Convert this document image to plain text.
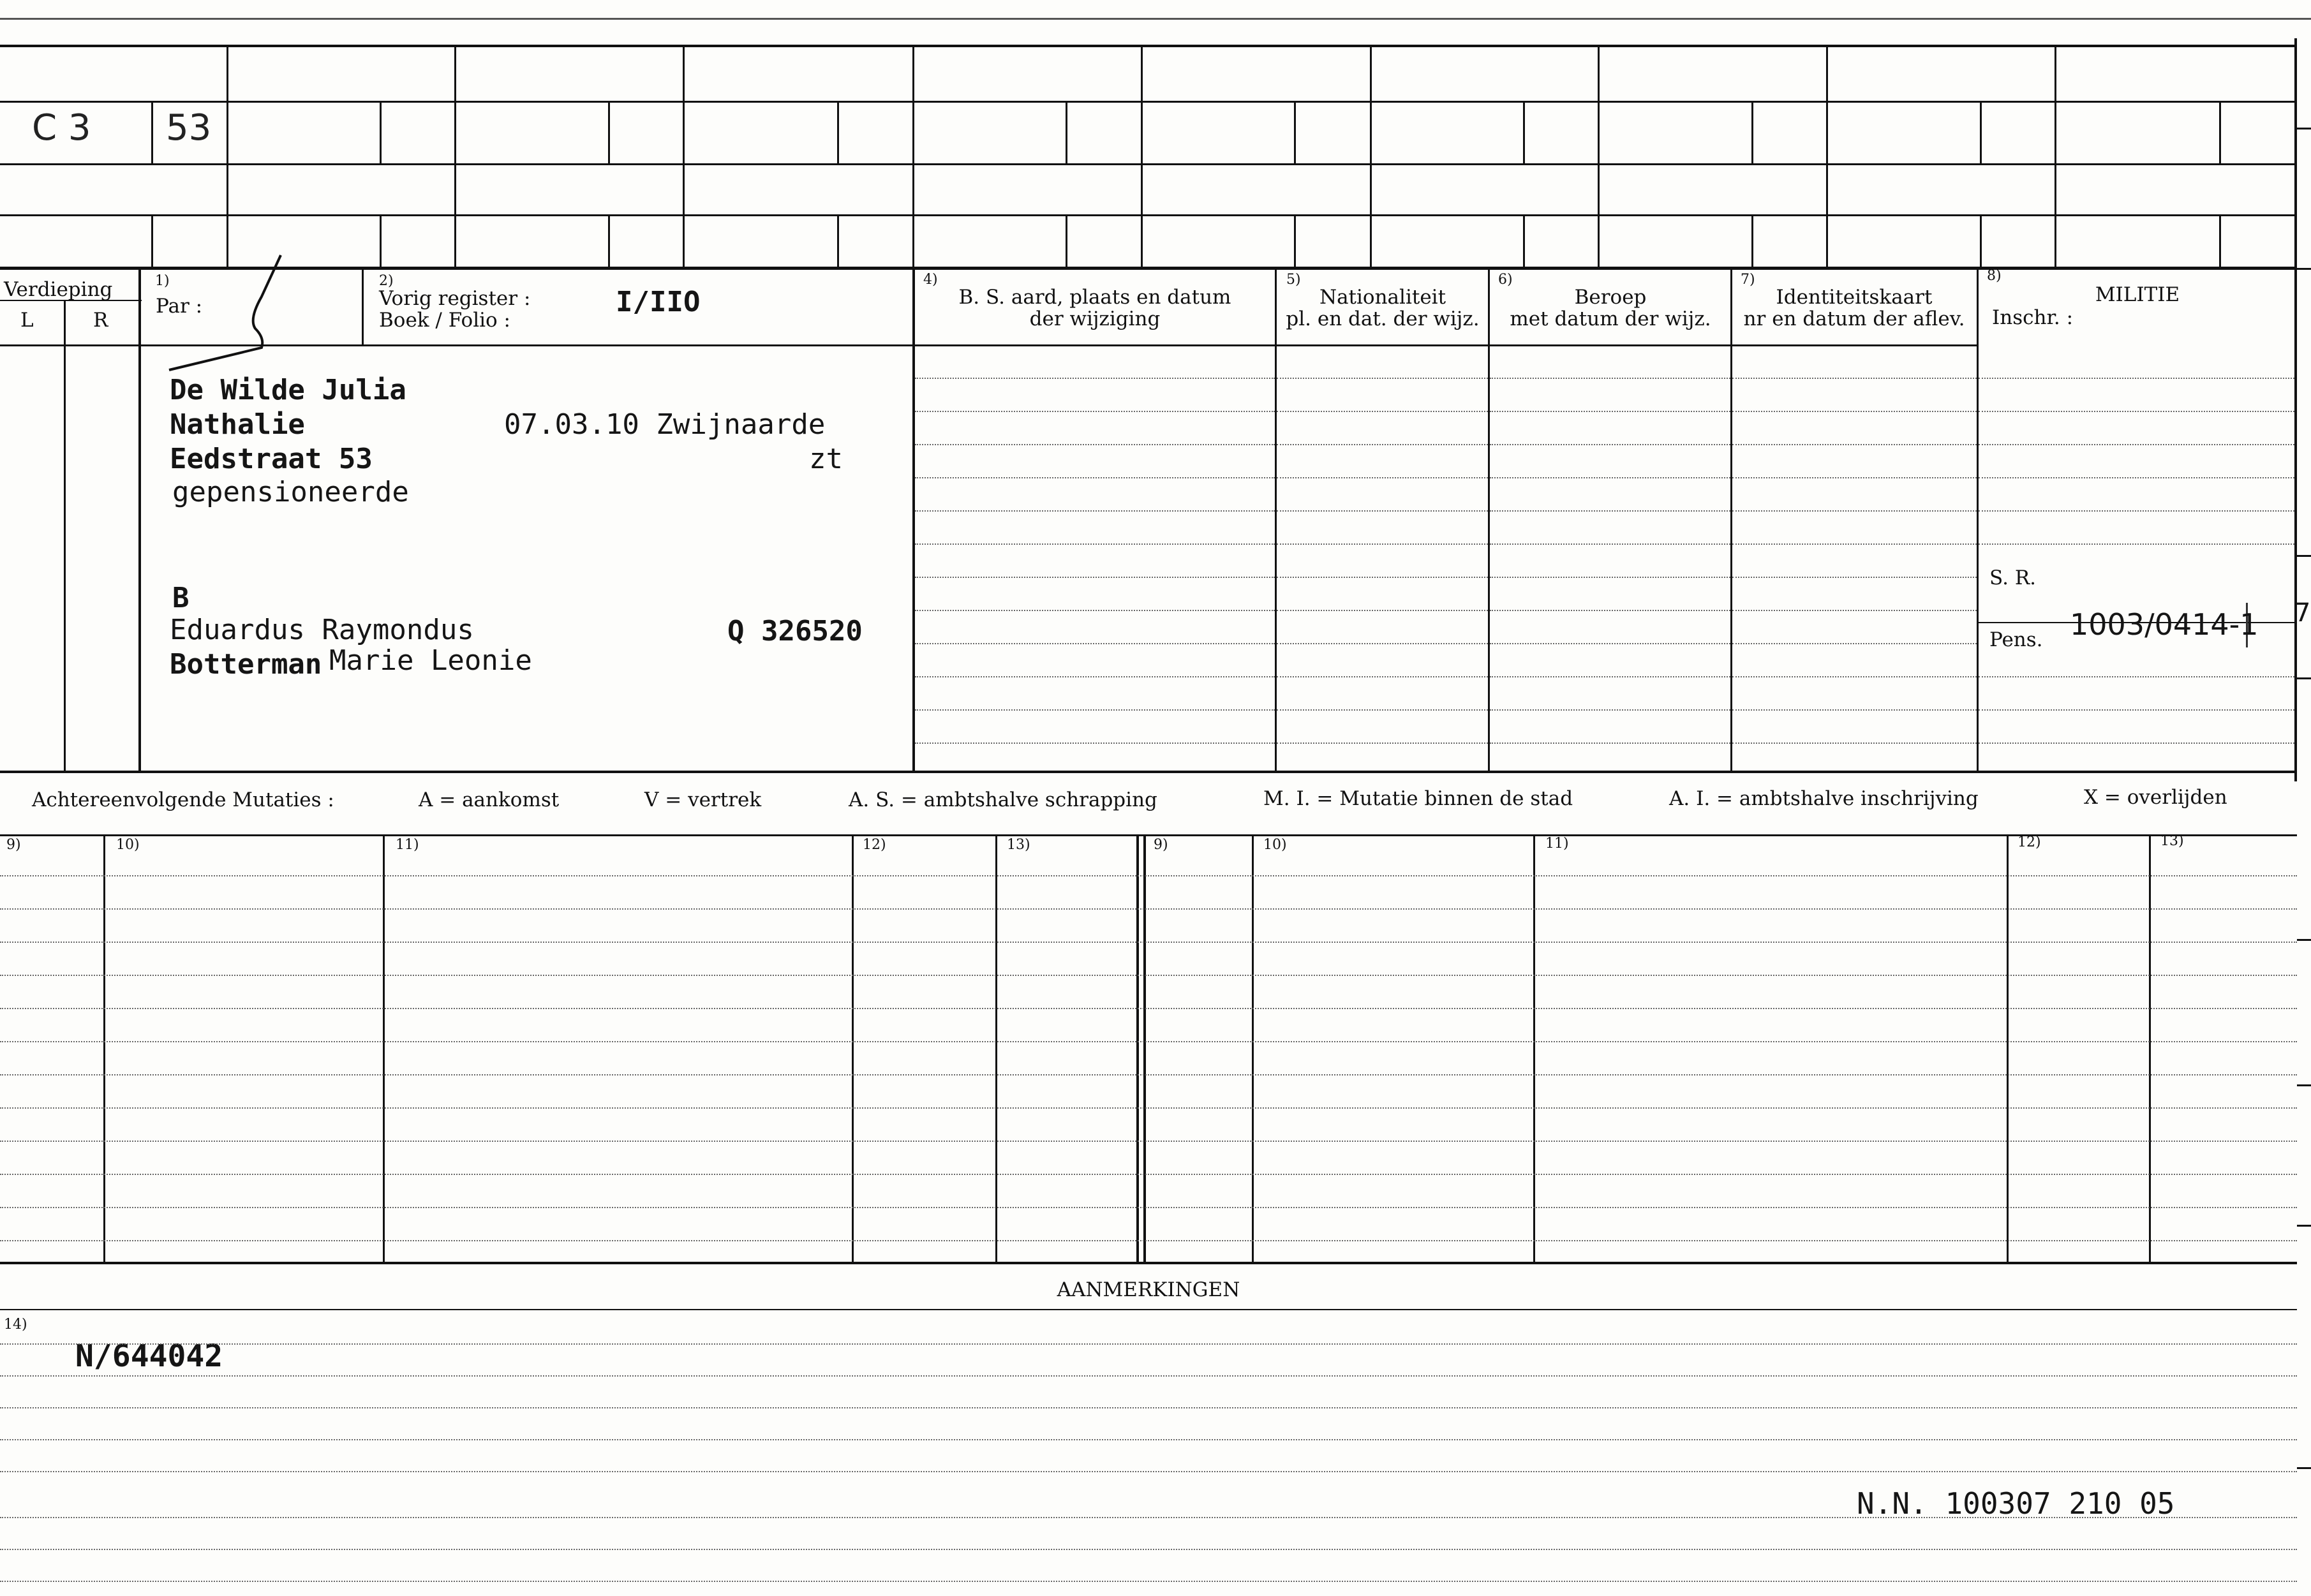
C 3 53
Verdieping
L	R
1)
Par :
2)
Vorig register :
Boek / Folio :
I/IIO
4)
B. S. aard, plaats en datum
der wijziging
5)
Nationaliteit
pl. en dat. der wijz.
6)
Beroep
met datum der wijz.
7)
Identiteitskaart
nr en datum der aflev.
8)
MILITIE
Inschr. :
S. R.
Pens. 1003/0414-1 7
De Wilde Julia
Nathalie	07.03.10 Zwijnaarde
Eedstraat 53	zt
gepensioneerde
B
Eduardus Raymondus	Q 326520
Botterman Marie Leonie
Achtereenvolgende Mutaties :	A = aankomst	V = vertrek	A. S. = ambtshalve schrapping	M. I. = Mutatie binnen de stad	A. I. = ambtshalve inschrijving	X = overlijden
9)	10)	11)	12)	13)	9)	10)	11)	12)	13)
AANMERKINGEN
14)
N/644042
N.N. 100307 210 05
